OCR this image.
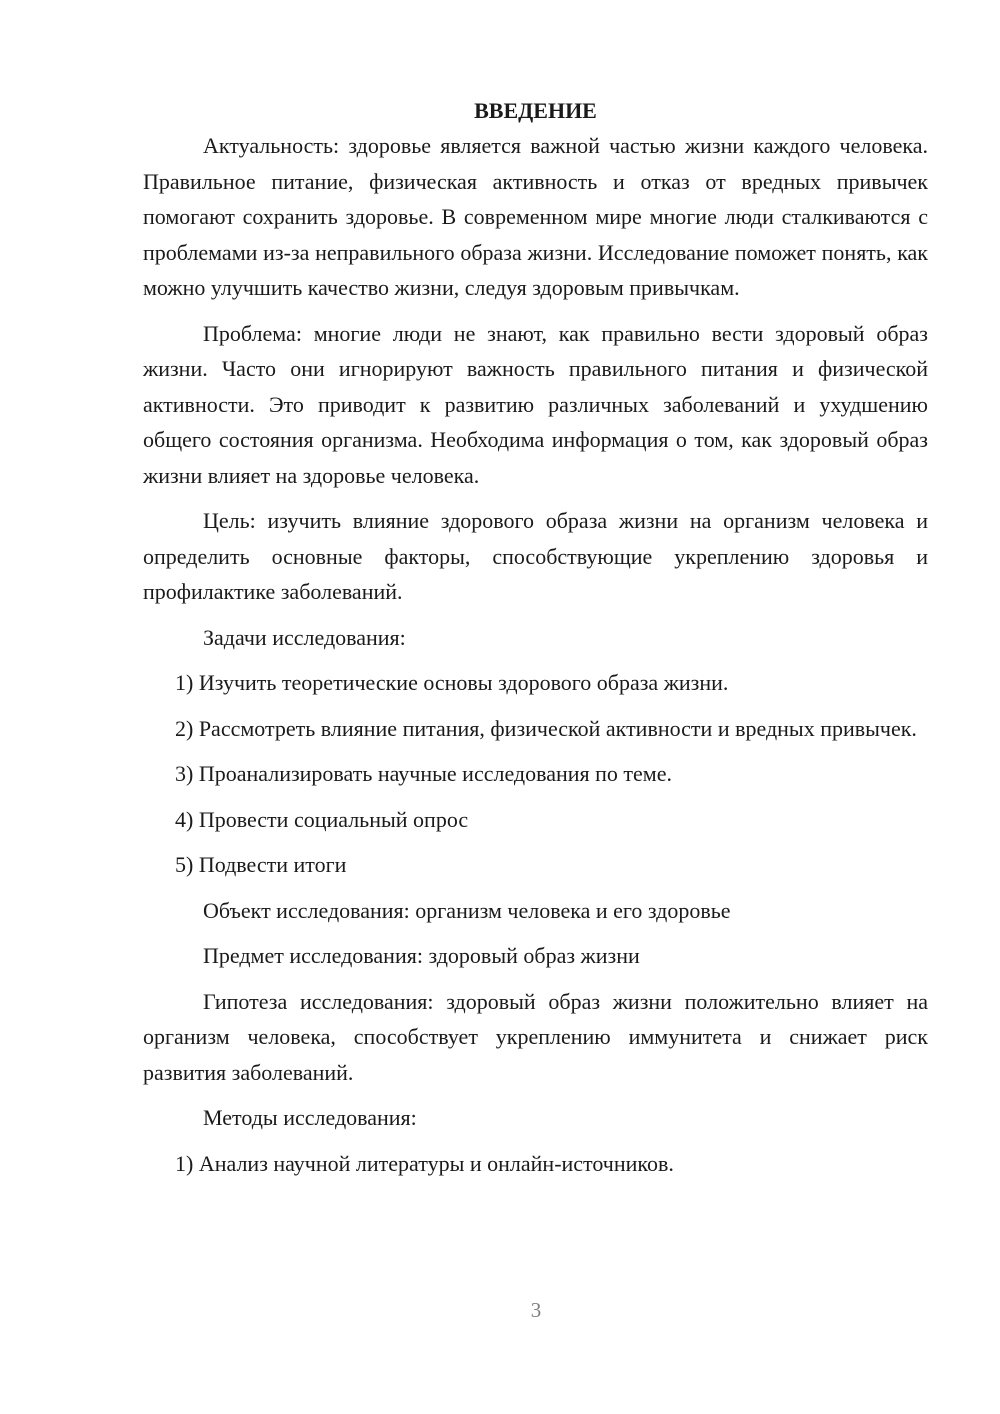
ВВЕДЕНИЕ
Актуальность: здоровье является важной частью жизни каждого человека. Правильное питание, физическая активность и отказ от вредных привычек помогают сохранить здоровье. В современном мире многие люди сталкиваются с проблемами из-за неправильного образа жизни. Исследование поможет понять, как можно улучшить качество жизни, следуя здоровым привычкам.
Проблема: многие люди не знают, как правильно вести здоровый образ жизни. Часто они игнорируют важность правильного питания и физической активности. Это приводит к развитию различных заболеваний и ухудшению общего состояния организма. Необходима информация о том, как здоровый образ жизни влияет на здоровье человека.
Цель: изучить влияние здорового образа жизни на организм человека и определить основные факторы, способствующие укреплению здоровья и профилактике заболеваний.
Задачи исследования:
1) Изучить теоретические основы здорового образа жизни.
2) Рассмотреть влияние питания, физической активности и вредных привычек.
3) Проанализировать научные исследования по теме.
4) Провести социальный опрос
5) Подвести итоги
Объект исследования: организм человека и его здоровье
Предмет исследования: здоровый образ жизни
Гипотеза исследования: здоровый образ жизни положительно влияет на организм человека, способствует укреплению иммунитета и снижает риск развития заболеваний.
Методы исследования:
1) Анализ научной литературы и онлайн-источников.
3
